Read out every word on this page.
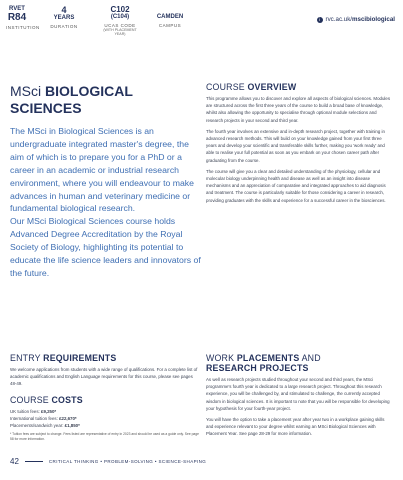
RVET
R84
INSTITUTION
4
YEARS
DURATION
C102
(C104)
UCAS CODE
(WITH PLACEMENT YEAR)
CAMDEN
CAMPUS
i rvc.ac.uk/mscibiological
MSci BIOLOGICAL
SCIENCES

The MSci in Biological Sciences is an undergraduate integrated master's degree, the aim of which is to prepare you for a PhD or a career in an academic or industrial research environment, where you will endeavour to make advances in human and veterinary medicine or fundamental biological research.

Our MSci Biological Sciences course holds Advanced Degree Accreditation by the Royal Society of Biology, highlighting its potential to educate the life science leaders and innovators of the future.

ENTRY REQUIREMENTS
We welcome applications from students with a wide range of qualifications. For a complete list of academic qualifications and English Language requirements for this course, please see pages 48-49.
COURSE COSTS
UK tuition fees: £9,250*
International tuition fees: £22,670*
Placements/sandwich year: £1,850*
* Tuition fees are subject to change. Fees listed are representative of entry in 2023 and should be used as a guide only. See page 58 for more information.
COURSE OVERVIEW

This programme allows you to discover and explore all aspects of biological sciences. Modules are structured across the first three years of the course to build a broad base of knowledge, whilst also allowing the opportunity to specialise through optional module selections and research projects in your second and third year.

The fourth year involves an extensive and in-depth research project, together with training in advanced research methods. This will build on your knowledge gained from your first three years and develop your scientific and transferable skills further, making you 'work ready' and able to realise your full potential as soon as you embark on your chosen career path after graduating from the course.

The course will give you a clear and detailed understanding of the physiology, cellular and molecular biology underpinning health and disease as well as an insight into disease mechanisms and an appreciation of comparative and integrated approaches to aid diagnosis and treatment. The course is particularly suitable for those considering a career in research, providing graduates with the skills and experience for a successful career in the biosciences.

WORK PLACEMENTS AND
RESEARCH PROJECTS

As well as research projects studied throughout your second and third years, the MSci programme's fourth year is dedicated to a large research project. Throughout this research experience, you will be challenged by, and stimulated to challenge, the currently accepted wisdom in biological sciences. It is important to note that you will be responsible for developing your hypothesis for your fourth-year project.

You will have the option to take a placement year after year two in a workplace gaining skills and experience relevant to your degree whilst earning an MSci Biological Sciences with Placement Year. See page 28-29 for more information.

42	CRITICAL THINKING • PROBLEM-SOLVING • SCIENCE-SHAPING
